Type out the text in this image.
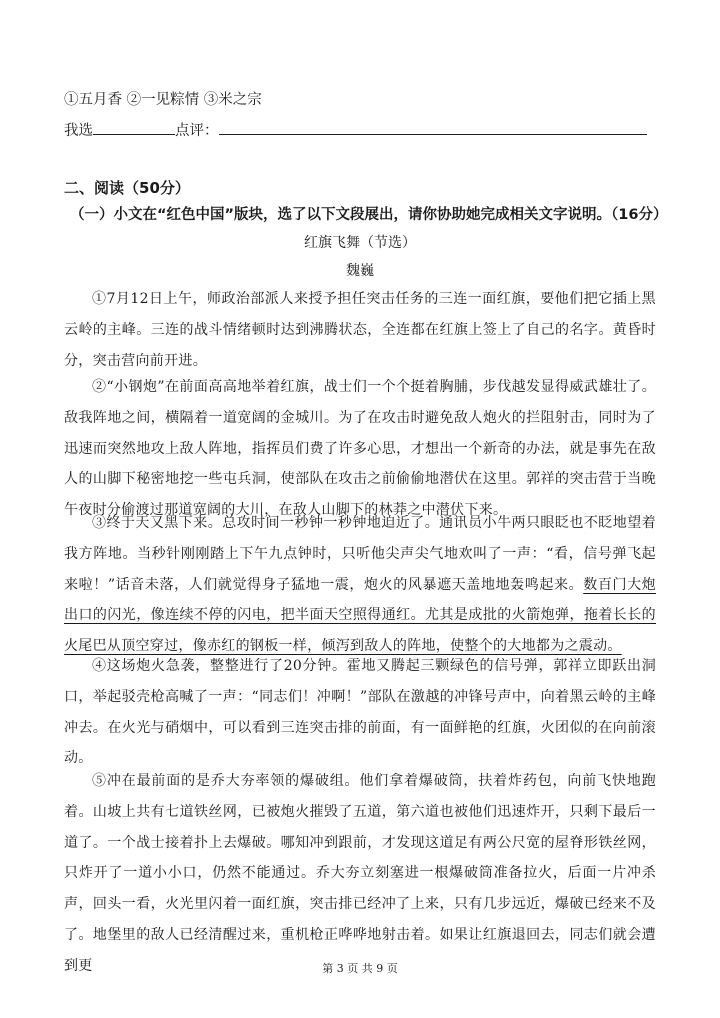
①五月香 ②一见粽情 ③米之宗
我选	点评：
二、阅读（50分）
（一）小文在“红色中国”版块，选了以下文段展出，请你协助她完成相关文字说明。（16分）
红旗飞舞（节选）
魏巍
①7月12日上午，师政治部派人来授予担任突击任务的三连一面红旗，要他们把它插上黑云岭的主峰。三连的战斗情绪顿时达到沸腾状态，全连都在红旗上签上了自己的名字。黄昏时分，突击营向前开进。
②“小钢炮”在前面高高地举着红旗，战士们一个个挺着胸脯，步伐越发显得威武雄壮了。敌我阵地之间，横隔着一道宽阔的金城川。为了在攻击时避免敌人炮火的拦阻射击，同时为了迅速而突然地攻上敌人阵地，指挥员们费了许多心思，才想出一个新奇的办法，就是事先在敌人的山脚下秘密地挖一些屯兵洞，使部队在攻击之前偷偷地潜伏在这里。郭祥的突击营于当晚午夜时分偷渡过那道宽阔的大川，在敌人山脚下的林莽之中潜伏下来。
③终于天又黑下来。总攻时间一秒钟一秒钟地迫近了。通讯员小牛两只眼眨也不眨地望着我方阵地。当秒针刚刚踏上下午九点钟时，只听他尖声尖气地欢叫了一声：“看，信号弹飞起来啦！”话音未落，人们就觉得身子猛地一震，炮火的风暴遮天盖地地轰鸣起来。数百门大炮出口的闪光，像连续不停的闪电，把半面天空照得通红。尤其是成批的火箭炮弹，拖着长长的火尾巴从顶空穿过，像赤红的钢板一样，倾泻到敌人的阵地，使整个的大地都为之震动。
④这场炮火急袭，整整进行了20分钟。霍地又腾起三颗绿色的信号弹，郭祥立即跃出洞口，举起驳壳枪高喊了一声：“同志们！冲啊！”部队在激越的冲锋号声中，向着黑云岭的主峰冲去。在火光与硝烟中，可以看到三连突击排的前面，有一面鲜艳的红旗，火团似的在向前滚动。
⑤冲在最前面的是乔大夯率领的爆破组。他们拿着爆破筒，扶着炸药包，向前飞快地跑着。山坡上共有七道铁丝网，已被炮火摧毁了五道，第六道也被他们迅速炸开，只剩下最后一道了。一个战士接着扑上去爆破。哪知冲到跟前，才发现这道足有两公尺宽的屋脊形铁丝网，只炸开了一道小小口，仍然不能通过。乔大夯立刻塞进一根爆破筒准备拉火，后面一片冲杀声，回头一看，火光里闪着一面红旗，突击排已经冲了上来，只有几步远近，爆破已经来不及了。地堡里的敌人已经清醒过来，重机枪正哗哗地射击着。如果让红旗退回去，同志们就会遭到更	第 3 页 共 9 页
